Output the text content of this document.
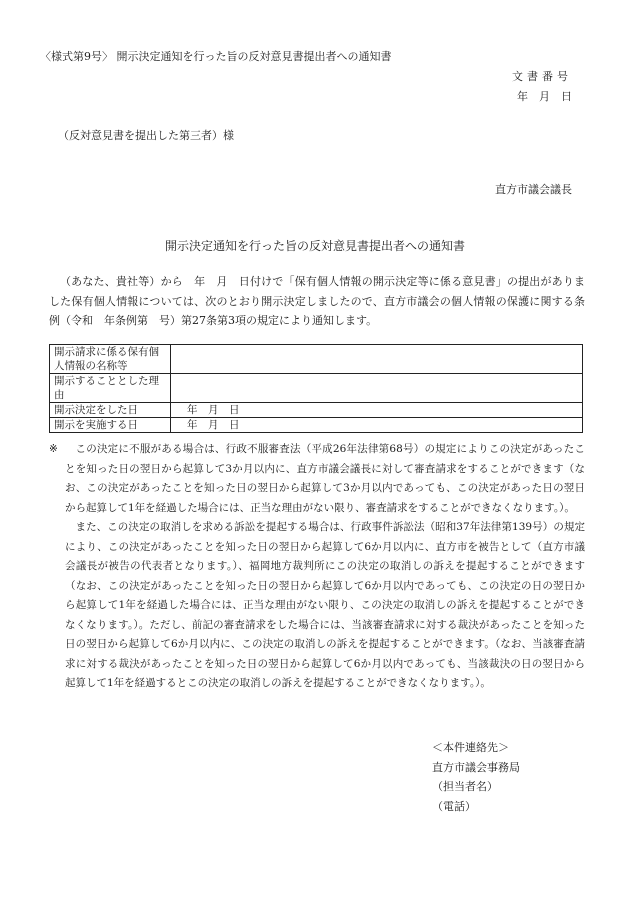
〈様式第9号〉 開示決定通知を行った旨の反対意見書提出者への通知書
文書番号
年　月　日
（反対意見書を提出した第三者）様
直方市議会議長
開示決定通知を行った旨の反対意見書提出者への通知書

（あなた、貴社等）から　年　月　日付けで「保有個人情報の開示決定等に係る意見書」の提出がありました保有個人情報については、次のとおり開示決定しましたので、直方市議会の個人情報の保護に関する条例（令和　年条例第　号）第27条第3項の規定により通知します。

開示請求に係る保有個人情報の名称等	
開示することとした理由	
開示決定をした日	年　月　日
開示を実施する日	年　月　日
※	この決定に不服がある場合は、行政不服審査法（平成26年法律第68号）の規定によりこの決定があったことを知った日の翌日から起算して3か月以内に、直方市議会議長に対して審査請求をすることができます（なお、この決定があったことを知った日の翌日から起算して3か月以内であっても、この決定があった日の翌日から起算して1年を経過した場合には、正当な理由がない限り、審査請求をすることができなくなります。）。

また、この決定の取消しを求める訴訟を提起する場合は、行政事件訴訟法（昭和37年法律第139号）の規定により、この決定があったことを知った日の翌日から起算して6か月以内に、直方市を被告として（直方市議会議長が被告の代表者となります。）、福岡地方裁判所にこの決定の取消しの訴えを提起することができます（なお、この決定があったことを知った日の翌日から起算して6か月以内であっても、この決定の日の翌日から起算して1年を経過した場合には、正当な理由がない限り、この決定の取消しの訴えを提起することができなくなります。）。ただし、前記の審査請求をした場合には、当該審査請求に対する裁決があったことを知った日の翌日から起算して6か月以内に、この決定の取消しの訴えを提起することができます。（なお、当該審査請求に対する裁決があったことを知った日の翌日から起算して6か月以内であっても、当該裁決の日の翌日から起算して1年を経過するとこの決定の取消しの訴えを提起することができなくなります。）。

＜本件連絡先＞
直方市議会事務局
（担当者名）
（電話）
